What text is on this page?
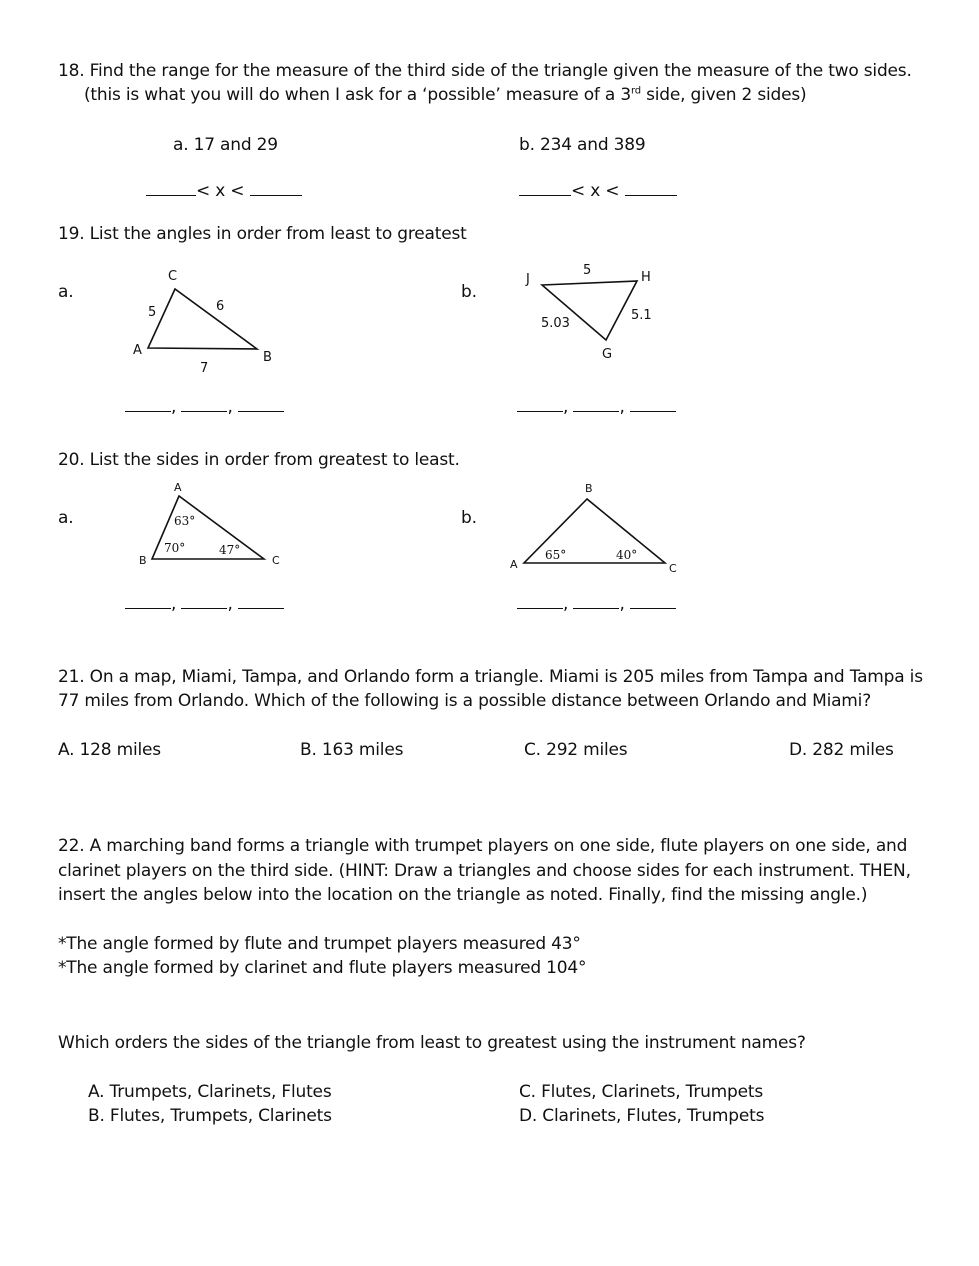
18. Find the range for the measure of the third side of the triangle given the measure of the two sides.
(this is what you will do when I ask for a ‘possible’ measure of a 3rd side, given 2 sides)
a. 17 and 29	b. 234 and 389
< x <	< x <
19. List the angles in order from least to greatest
a.	b.
C
A	B
5	6
7
J	H
G
5
5.03
5.1
,	,	,	,
20. List the sides in order from greatest to least.
a.	b.
A
B	C
63°
70°	47°
B
A	C
65°	40°
,	,	,	,
21. On a map, Miami, Tampa, and Orlando form a triangle. Miami is 205 miles from Tampa and Tampa is
77 miles from Orlando. Which of the following is a possible distance between Orlando and Miami?
A. 128 miles	B. 163 miles	C. 292 miles	D. 282 miles
22. A marching band forms a triangle with trumpet players on one side, flute players on one side, and
clarinet players on the third side. (HINT: Draw a triangles and choose sides for each instrument. THEN,
insert the angles below into the location on the triangle as noted. Finally, find the missing angle.)
*The angle formed by flute and trumpet players measured 43°
*The angle formed by clarinet and flute players measured 104°
Which orders the sides of the triangle from least to greatest using the instrument names?
A. Trumpets, Clarinets, Flutes
B. Flutes, Trumpets, Clarinets
C. Flutes, Clarinets, Trumpets
D. Clarinets, Flutes, Trumpets
